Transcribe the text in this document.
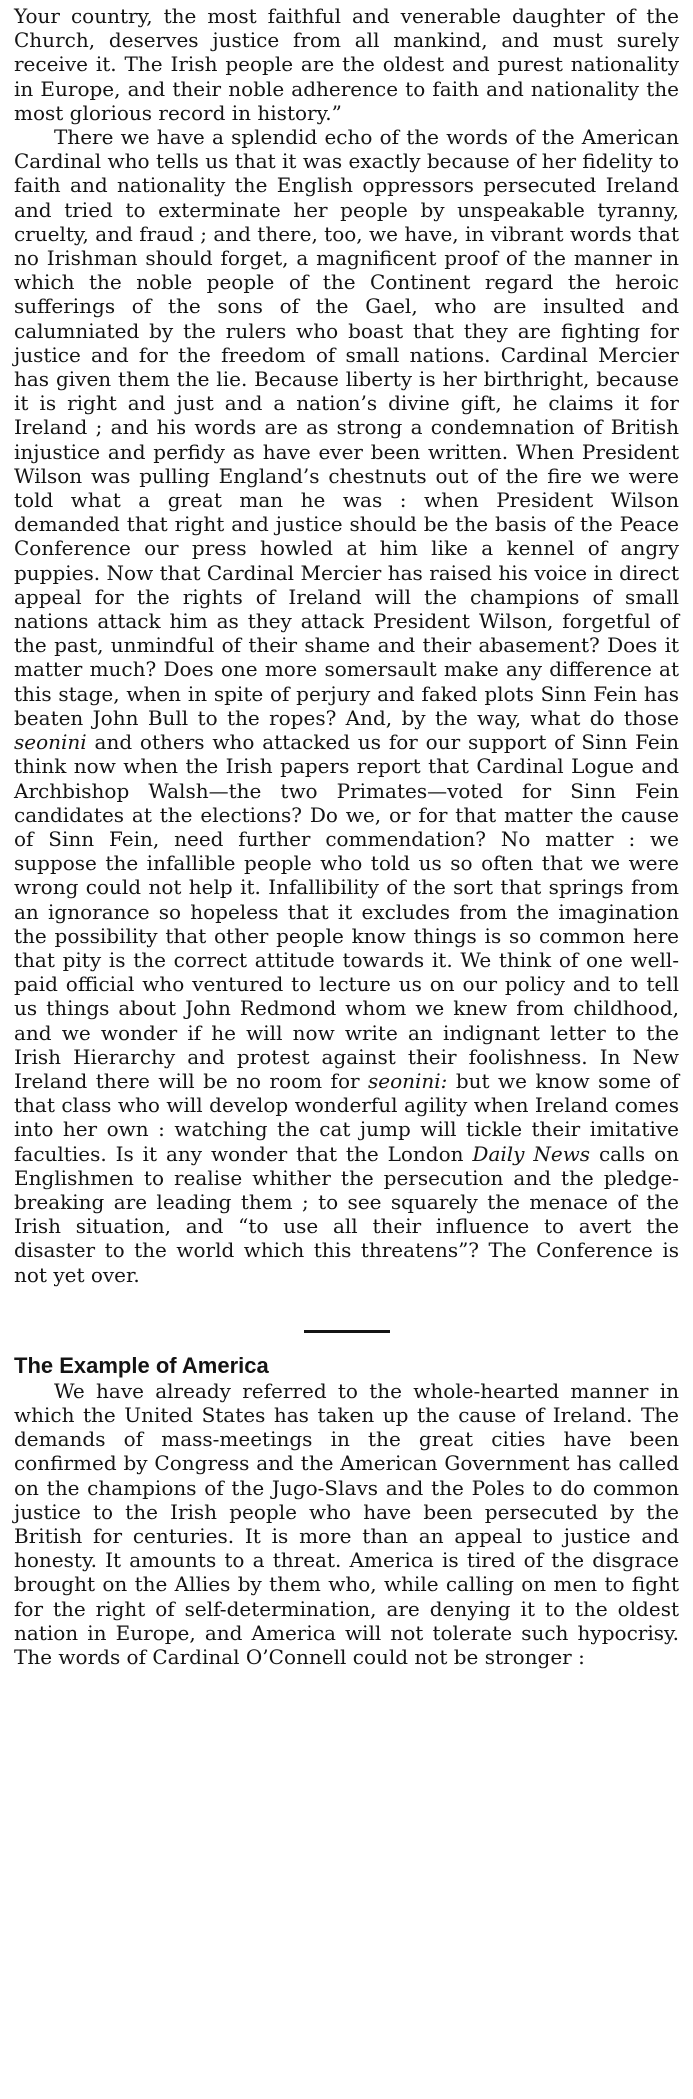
Your country, the most faithful and venerable daughter of the Church, deserves justice from all mankind, and must surely receive it. The Irish people are the oldest and purest nationality in Europe, and their noble adherence to faith and nationality the most glorious record in history.”

There we have a splendid echo of the words of the American Cardinal who tells us that it was exactly because of her fidelity to faith and nationality the English oppressors persecuted Ireland and tried to exterminate her people by unspeakable tyranny, cruelty, and fraud ; and there, too, we have, in vibrant words that no Irishman should forget, a magnificent proof of the manner in which the noble people of the Continent regard the heroic sufferings of the sons of the Gael, who are insulted and calumniated by the rulers who boast that they are fighting for justice and for the freedom of small nations. Cardinal Mercier has given them the lie. Because liberty is her birthright, because it is right and just and a nation’s divine gift, he claims it for Ireland ; and his words are as strong a condemnation of British injustice and perfidy as have ever been written. When President Wilson was pulling England’s chestnuts out of the fire we were told what a great man he was : when President Wilson demanded that right and justice should be the basis of the Peace Conference our press howled at him like a kennel of angry puppies. Now that Cardinal Mercier has raised his voice in direct appeal for the rights of Ireland will the champions of small nations attack him as they attack President Wilson, forgetful of the past, unmindful of their shame and their abasement? Does it matter much? Does one more somersault make any difference at this stage, when in spite of perjury and faked plots Sinn Fein has beaten John Bull to the ropes? And, by the way, what do those seonini and others who attacked us for our support of Sinn Fein think now when the Irish papers report that Cardinal Logue and Archbishop Walsh—the two Primates—voted for Sinn Fein candidates at the elections? Do we, or for that matter the cause of Sinn Fein, need further commendation? No matter : we suppose the infallible people who told us so often that we were wrong could not help it. Infallibility of the sort that springs from an ignorance so hopeless that it excludes from the imagination the possibility that other people know things is so common here that pity is the correct attitude towards it. We think of one well-paid official who ventured to lecture us on our policy and to tell us things about John Redmond whom we knew from childhood, and we wonder if he will now write an indignant letter to the Irish Hierarchy and protest against their foolishness. In New Ireland there will be no room for seonini: but we know some of that class who will develop wonderful agility when Ireland comes into her own : watching the cat jump will tickle their imitative faculties. Is it any wonder that the London Daily News calls on Englishmen to realise whither the persecution and the pledge-breaking are leading them ; to see squarely the menace of the Irish situation, and “to use all their influence to avert the disaster to the world which this threatens”? The Conference is not yet over.

The Example of America

We have already referred to the whole-hearted manner in which the United States has taken up the cause of Ireland. The demands of mass-meetings in the great cities have been confirmed by Congress and the American Government has called on the champions of the Jugo-Slavs and the Poles to do common justice to the Irish people who have been persecuted by the British for centuries. It is more than an appeal to justice and honesty. It amounts to a threat. America is tired of the disgrace brought on the Allies by them who, while calling on men to fight for the right of self-determination, are denying it to the oldest nation in Europe, and America will not tolerate such hypocrisy. The words of Cardinal O’Connell could not be stronger :
